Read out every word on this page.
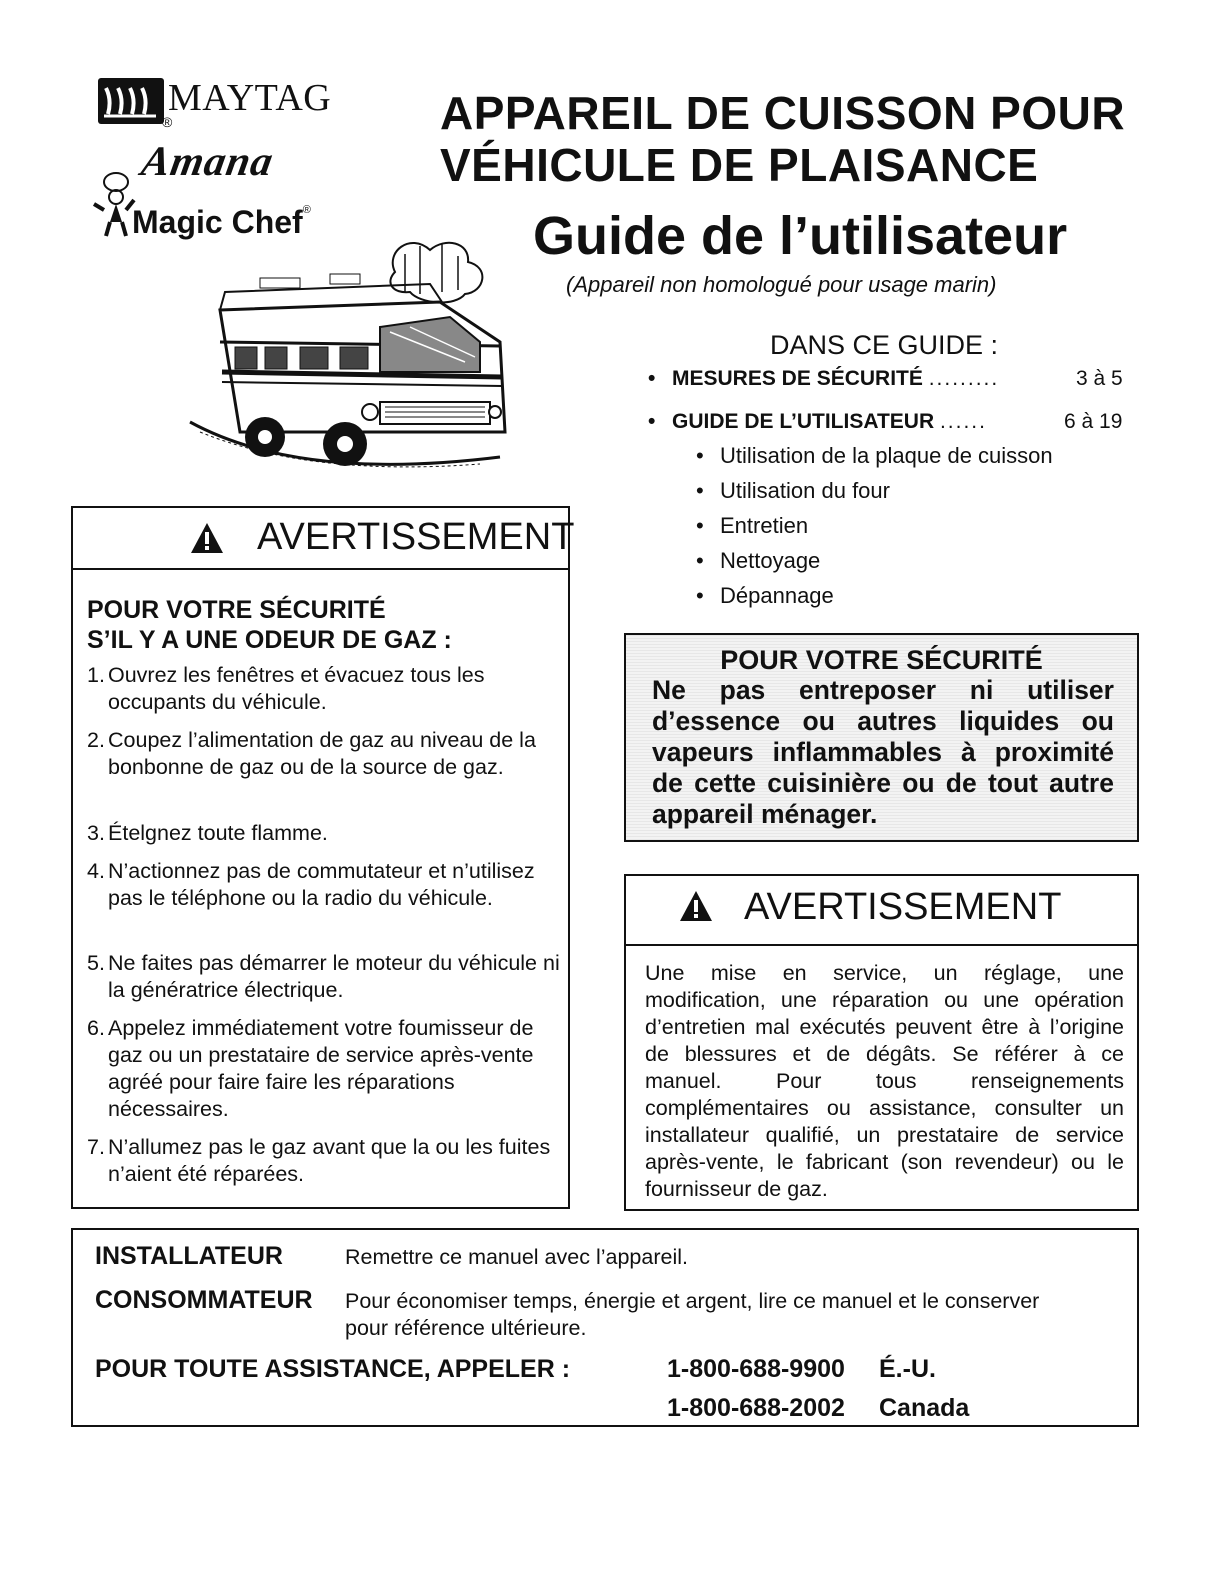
MAYTAG
®
Amana
Magic Chef®
APPAREIL DE CUISSON POUR
VÉHICULE DE PLAISANCE
Guide de l’utilisateur
(Appareil non homologué pour usage marin)
DANS CE GUIDE :
• MESURES DE SÉCURITÉ .........	3 à 5
• GUIDE DE L’UTILISATEUR ......	6 à 19
• Utilisation de la plaque de cuisson
• Utilisation du four
• Entretien
• Nettoyage
• Dépannage
AVERTISSEMENT
POUR VOTRE SÉCURITÉ
S’IL Y A UNE ODEUR DE GAZ :
1. Ouvrez les fenêtres et évacuez tous les occupants du véhicule.
2. Coupez l’alimentation de gaz au niveau de la bonbonne de gaz ou de la source de gaz.
3. Ételgnez toute flamme.
4. N’actionnez pas de commutateur et n’utilisez pas le téléphone ou la radio du véhicule.
5. Ne faites pas démarrer le moteur du véhicule ni la génératrice électrique.
6. Appelez immédiatement votre foumisseur de gaz ou un prestataire de service après-vente agréé pour faire faire les réparations nécessaires.
7. N’allumez pas le gaz avant que la ou les fuites n’aient été réparées.
POUR VOTRE SÉCURITÉ
Ne pas entreposer ni utiliser d’essence ou autres liquides ou vapeurs inflammables à proximité de cette cuisinière ou de tout autre appareil ménager.
AVERTISSEMENT
Une mise en service, un réglage, une modification, une réparation ou une opération d’entretien mal exécutés peuvent être à l’origine de blessures et de dégâts. Se référer à ce manuel. Pour tous renseignements complémentaires ou assistance, consulter un installateur qualifié, un prestataire de service après-vente, le fabricant (son revendeur) ou le fournisseur de gaz.
INSTALLATEUR	Remettre ce manuel avec l’appareil.
CONSOMMATEUR Pour économiser temps, énergie et argent, lire ce manuel et le conserver
pour référence ultérieure.
POUR TOUTE ASSISTANCE, APPELER :	1-800-688-9900 É.-U.
1-800-688-2002 Canada
